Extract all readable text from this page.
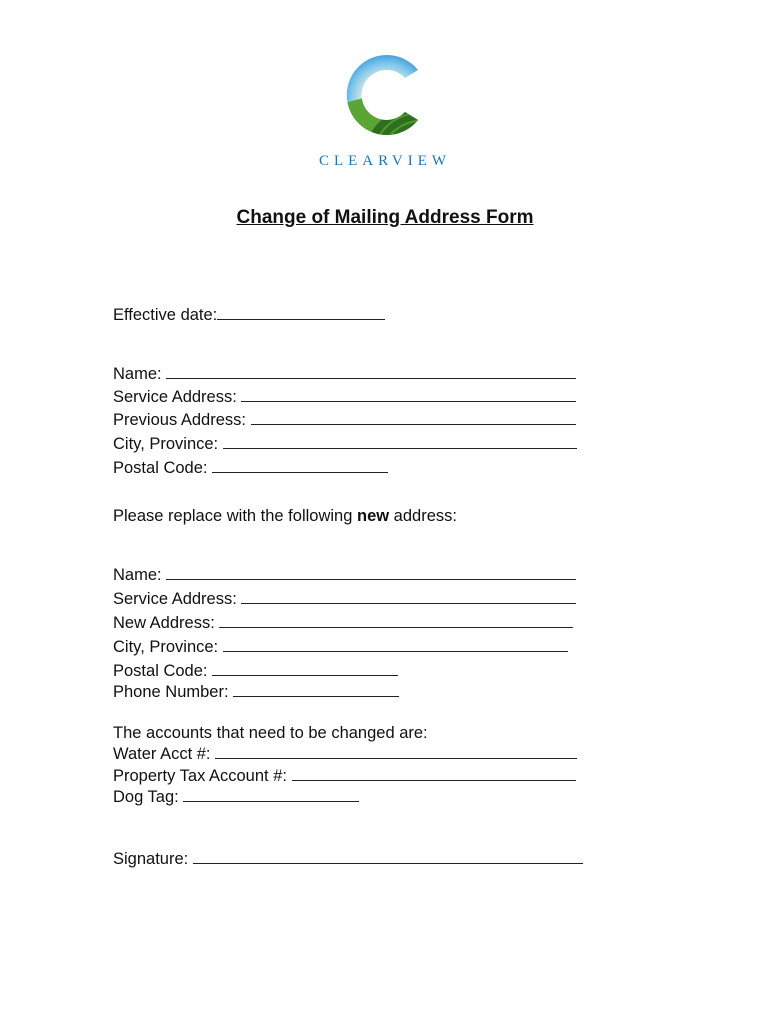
CLEARVIEW
Change of Mailing Address Form
Effective date:
Name:
Service Address:
Previous Address:
City, Province:
Postal Code:
Please replace with the following new address:
Name:
Service Address:
New Address:
City, Province:
Postal Code:
Phone Number:
The accounts that need to be changed are:
Water Acct #:
Property Tax Account #:
Dog Tag:
Signature:
